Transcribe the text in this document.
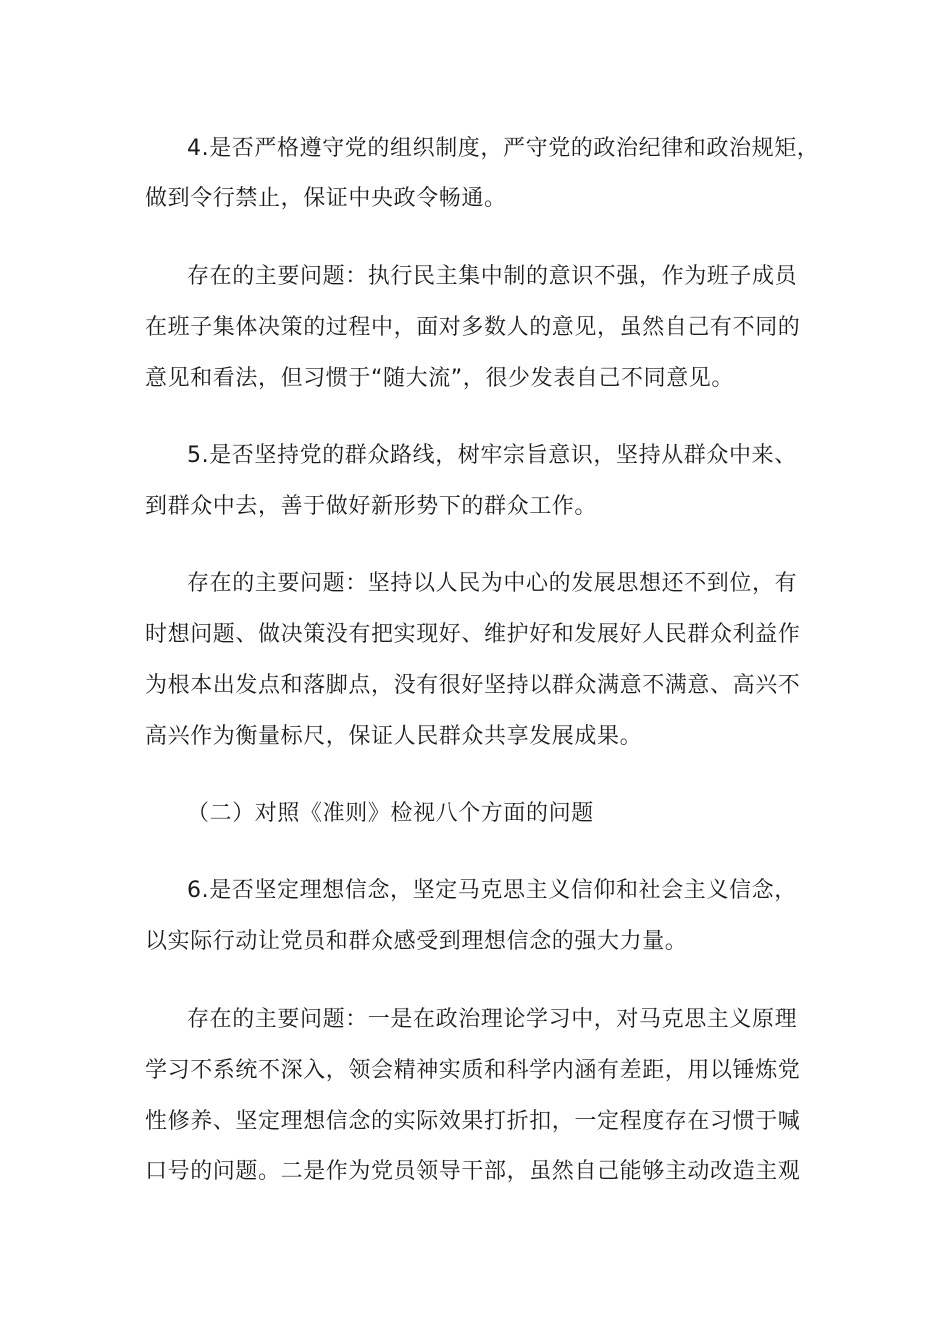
4.是否严格遵守党的组织制度，严守党的政治纪律和政治规矩，
做到令行禁止，保证中央政令畅通。
存在的主要问题：执行民主集中制的意识不强，作为班子成员
在班子集体决策的过程中，面对多数人的意见，虽然自己有不同的
意见和看法，但习惯于“随大流”，很少发表自己不同意见。
5.是否坚持党的群众路线，树牢宗旨意识，坚持从群众中来、
到群众中去，善于做好新形势下的群众工作。
存在的主要问题：坚持以人民为中心的发展思想还不到位，有
时想问题、做决策没有把实现好、维护好和发展好人民群众利益作
为根本出发点和落脚点，没有很好坚持以群众满意不满意、高兴不
高兴作为衡量标尺，保证人民群众共享发展成果。
（二）对照《准则》检视八个方面的问题
6.是否坚定理想信念，坚定马克思主义信仰和社会主义信念，
以实际行动让党员和群众感受到理想信念的强大力量。
存在的主要问题：一是在政治理论学习中，对马克思主义原理
学习不系统不深入，领会精神实质和科学内涵有差距，用以锤炼党
性修养、坚定理想信念的实际效果打折扣，一定程度存在习惯于喊
口号的问题。二是作为党员领导干部，虽然自己能够主动改造主观
